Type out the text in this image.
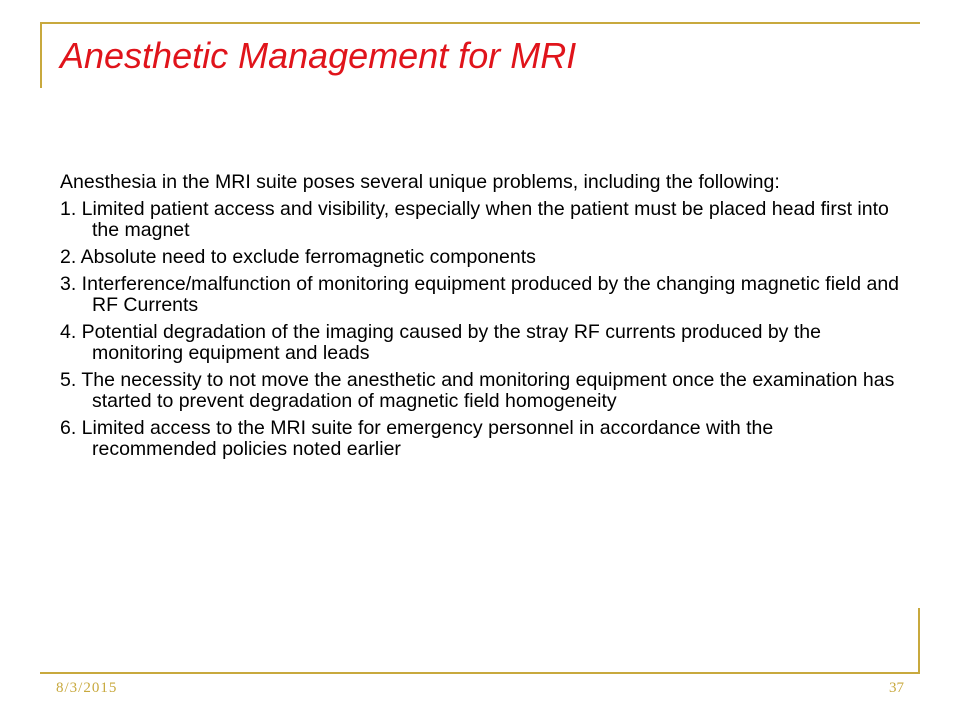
Anesthetic Management for MRI

Anesthesia in the MRI suite poses several unique problems, including the following:

1. Limited patient access and visibility, especially when the patient must be placed head first into the magnet

2. Absolute need to exclude ferromagnetic components

3. Interference/malfunction of monitoring equipment produced by the changing magnetic field and RF Currents

4. Potential degradation of the imaging caused by the stray RF currents produced by the monitoring equipment and leads

5. The necessity to not move the anesthetic and monitoring equipment once the examination has started to prevent degradation of magnetic field homogeneity

6. Limited access to the MRI suite for emergency personnel in accordance with the recommended policies noted earlier

8/3/2015	37
